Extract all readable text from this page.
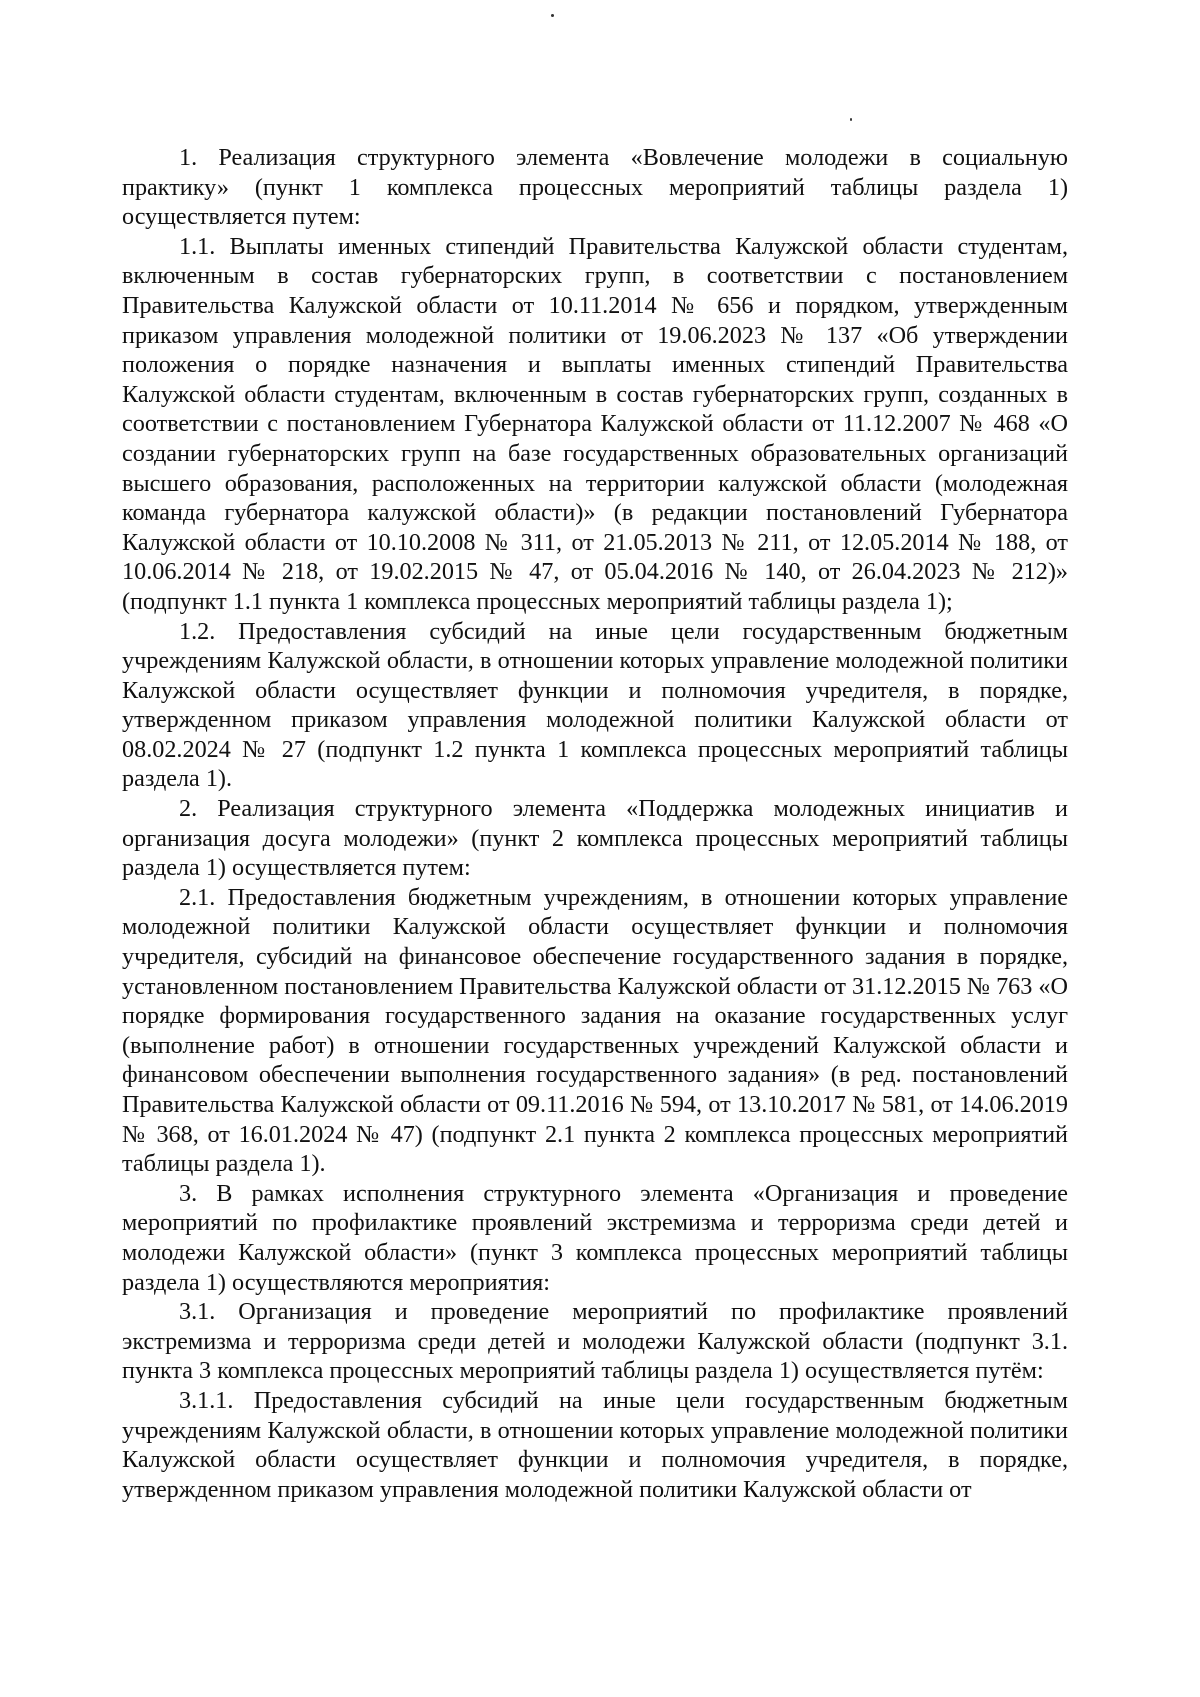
1. Реализация структурного элемента «Вовлечение молодежи в социальную практику» (пункт 1 комплекса процессных мероприятий таблицы раздела 1) осуществляется путем:

1.1. Выплаты именных стипендий Правительства Калужской области студентам, включенным в состав губернаторских групп, в соответствии с постановлением Правительства Калужской области от 10.11.2014 № 656 и порядком, утвержденным приказом управления молодежной политики от 19.06.2023 № 137 «Об утверждении положения о порядке назначения и выплаты именных стипендий Правительства Калужской области студентам, включенным в состав губернаторских групп, созданных в соответствии с постановлением Губернатора Калужской области от 11.12.2007 № 468 «О создании губернаторских групп на базе государственных образовательных организаций высшего образования, расположенных на территории калужской области (молодежная команда губернатора калужской области)» (в редакции постановлений Губернатора Калужской области от 10.10.2008 № 311, от 21.05.2013 № 211, от 12.05.2014 № 188, от 10.06.2014 № 218, от 19.02.2015 № 47, от 05.04.2016 № 140, от 26.04.2023 № 212)» (подпункт 1.1 пункта 1 комплекса процессных мероприятий таблицы раздела 1);

1.2. Предоставления субсидий на иные цели государственным бюджетным учреждениям Калужской области, в отношении которых управление молодежной политики Калужской области осуществляет функции и полномочия учредителя, в порядке, утвержденном приказом управления молодежной политики Калужской области от 08.02.2024 № 27 (подпункт 1.2 пункта 1 комплекса процессных мероприятий таблицы раздела 1).

2. Реализация структурного элемента «Поддержка молодежных инициатив и организация досуга молодежи» (пункт 2 комплекса процессных мероприятий таблицы раздела 1) осуществляется путем:

2.1. Предоставления бюджетным учреждениям, в отношении которых управление молодежной политики Калужской области осуществляет функции и полномочия учредителя, субсидий на финансовое обеспечение государственного задания в порядке, установленном постановлением Правительства Калужской области от 31.12.2015 № 763 «О порядке формирования государственного задания на оказание государственных услуг (выполнение работ) в отношении государственных учреждений Калужской области и финансовом обеспечении выполнения государственного задания» (в ред. постановлений Правительства Калужской области от 09.11.2016 № 594, от 13.10.2017 № 581, от 14.06.2019 № 368, от 16.01.2024 № 47) (подпункт 2.1 пункта 2 комплекса процессных мероприятий таблицы раздела 1).

3. В рамках исполнения структурного элемента «Организация и проведение мероприятий по профилактике проявлений экстремизма и терроризма среди детей и молодежи Калужской области» (пункт 3 комплекса процессных мероприятий таблицы раздела 1) осуществляются мероприятия:

3.1. Организация и проведение мероприятий по профилактике проявлений экстремизма и терроризма среди детей и молодежи Калужской области (подпункт 3.1. пункта 3 комплекса процессных мероприятий таблицы раздела 1) осуществляется путём:

3.1.1. Предоставления субсидий на иные цели государственным бюджетным учреждениям Калужской области, в отношении которых управление молодежной политики Калужской области осуществляет функции и полномочия учредителя, в порядке, утвержденном приказом управления молодежной политики Калужской области от
